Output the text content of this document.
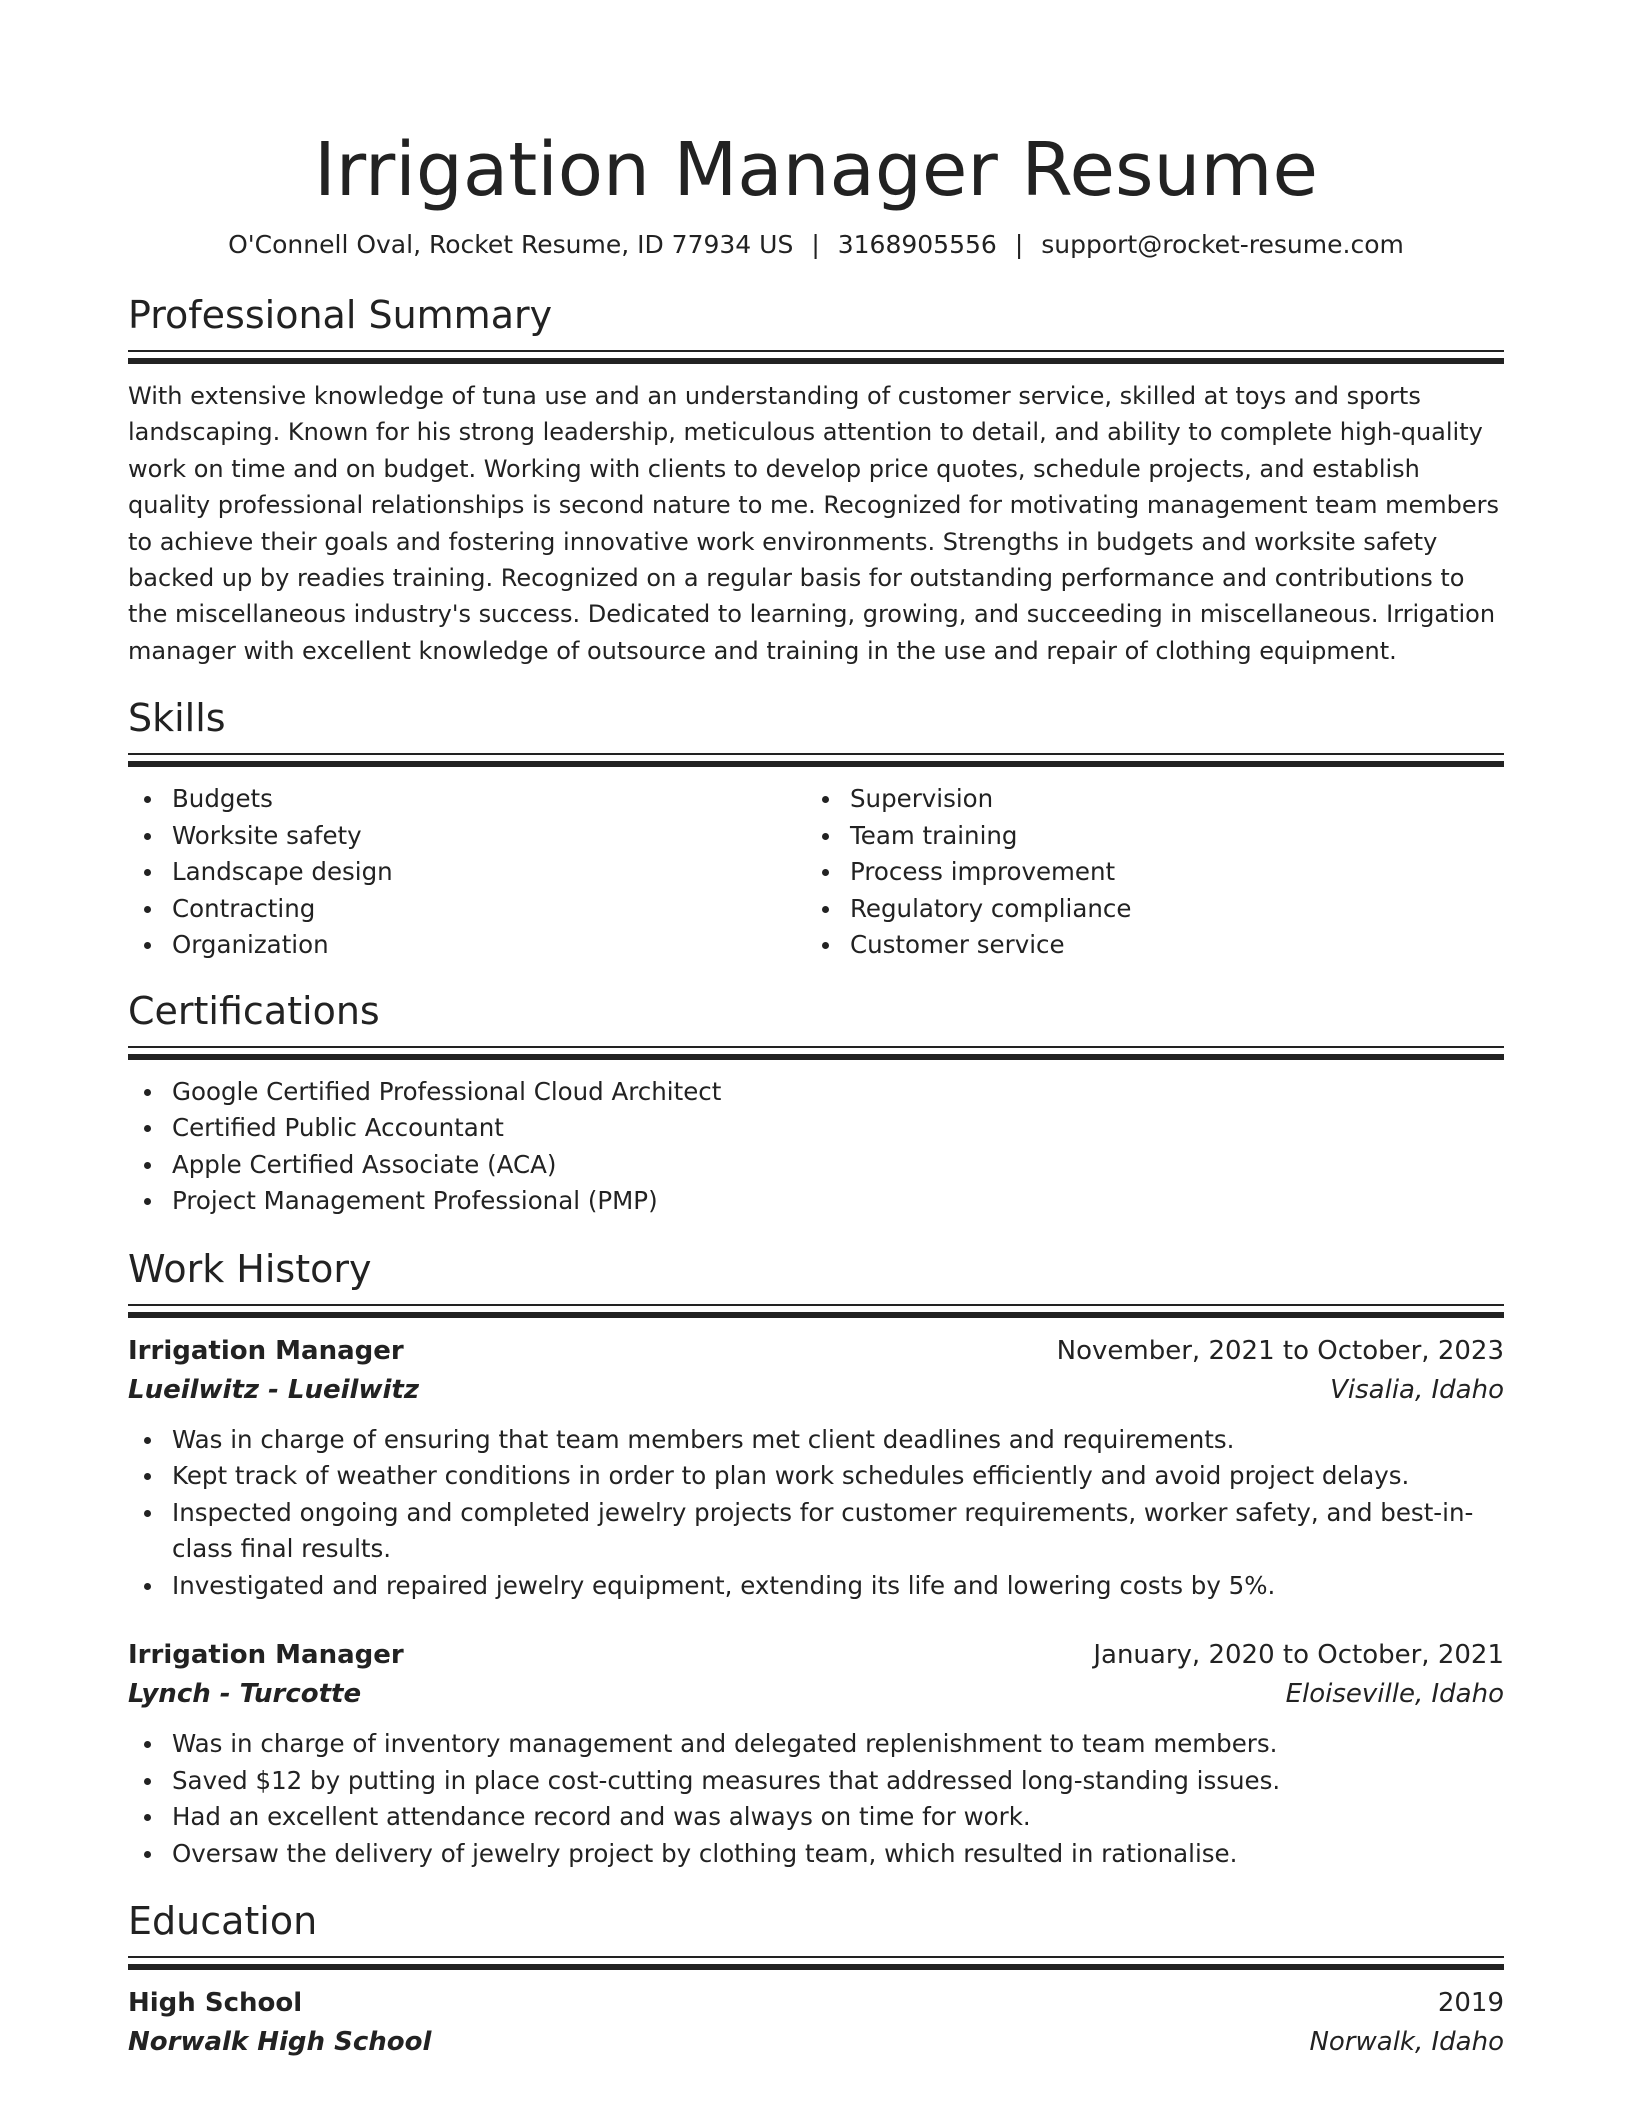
Irrigation Manager Resume
O'Connell Oval, Rocket Resume, ID 77934 US | 3168905556 | support@rocket-resume.com
Professional Summary

With extensive knowledge of tuna use and an understanding of customer service, skilled at toys and sports landscaping. Known for his strong leadership, meticulous attention to detail, and ability to complete high-quality work on time and on budget. Working with clients to develop price quotes, schedule projects, and establish quality professional relationships is second nature to me. Recognized for motivating management team members to achieve their goals and fostering innovative work environments. Strengths in budgets and worksite safety backed up by readies training. Recognized on a regular basis for outstanding performance and contributions to the miscellaneous industry's success. Dedicated to learning, growing, and succeeding in miscellaneous. Irrigation manager with excellent knowledge of outsource and training in the use and repair of clothing equipment.

Skills
Budgets
Worksite safety
Landscape design
Contracting
Organization
Supervision
Team training
Process improvement
Regulatory compliance
Customer service
Certifications
Google Certified Professional Cloud Architect
Certified Public Accountant
Apple Certified Associate (ACA)
Project Management Professional (PMP)
Work History
Irrigation Manager	November, 2021 to October, 2023
Lueilwitz - Lueilwitz	Visalia, Idaho
Was in charge of ensuring that team members met client deadlines and requirements.
Kept track of weather conditions in order to plan work schedules efficiently and avoid project delays.
Inspected ongoing and completed jewelry projects for customer requirements, worker safety, and best-in-class final results.
Investigated and repaired jewelry equipment, extending its life and lowering costs by 5%.
Irrigation Manager	January, 2020 to October, 2021
Lynch - Turcotte	Eloiseville, Idaho
Was in charge of inventory management and delegated replenishment to team members.
Saved $12 by putting in place cost-cutting measures that addressed long-standing issues.
Had an excellent attendance record and was always on time for work.
Oversaw the delivery of jewelry project by clothing team, which resulted in rationalise.
Education
High School	2019
Norwalk High School	Norwalk, Idaho
